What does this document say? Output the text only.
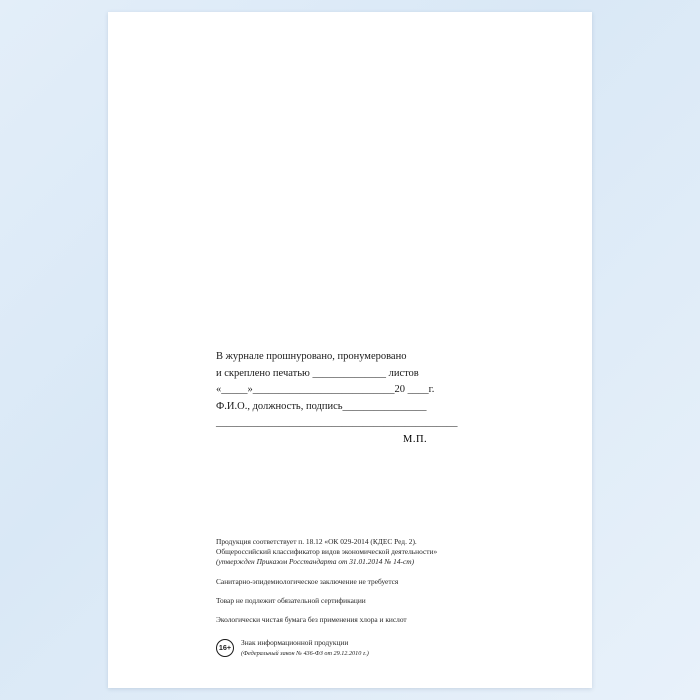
В журнале прошнуровано, пронумеровано
и скреплено печатью ______________ листов
«_____»___________________________20 ____г.
Ф.И.О., должность, подпись________________
______________________________________________
М.П.
Продукция соответствует п. 18.12 «ОК 029-2014 (КДЕС Ред. 2).
Общероссийский классификатор видов экономической деятельности»
(утвержден Приказом Росстандарта от 31.01.2014 № 14-ст)
Санитарно-эпидемиологическое заключение не требуется
Товар не подлежит обязательной сертификации
Экологически чистая бумага без применения хлора и кислот
16+
Знак информационной продукции
(Федеральный закон № 436-ФЗ от 29.12.2010 г.)
